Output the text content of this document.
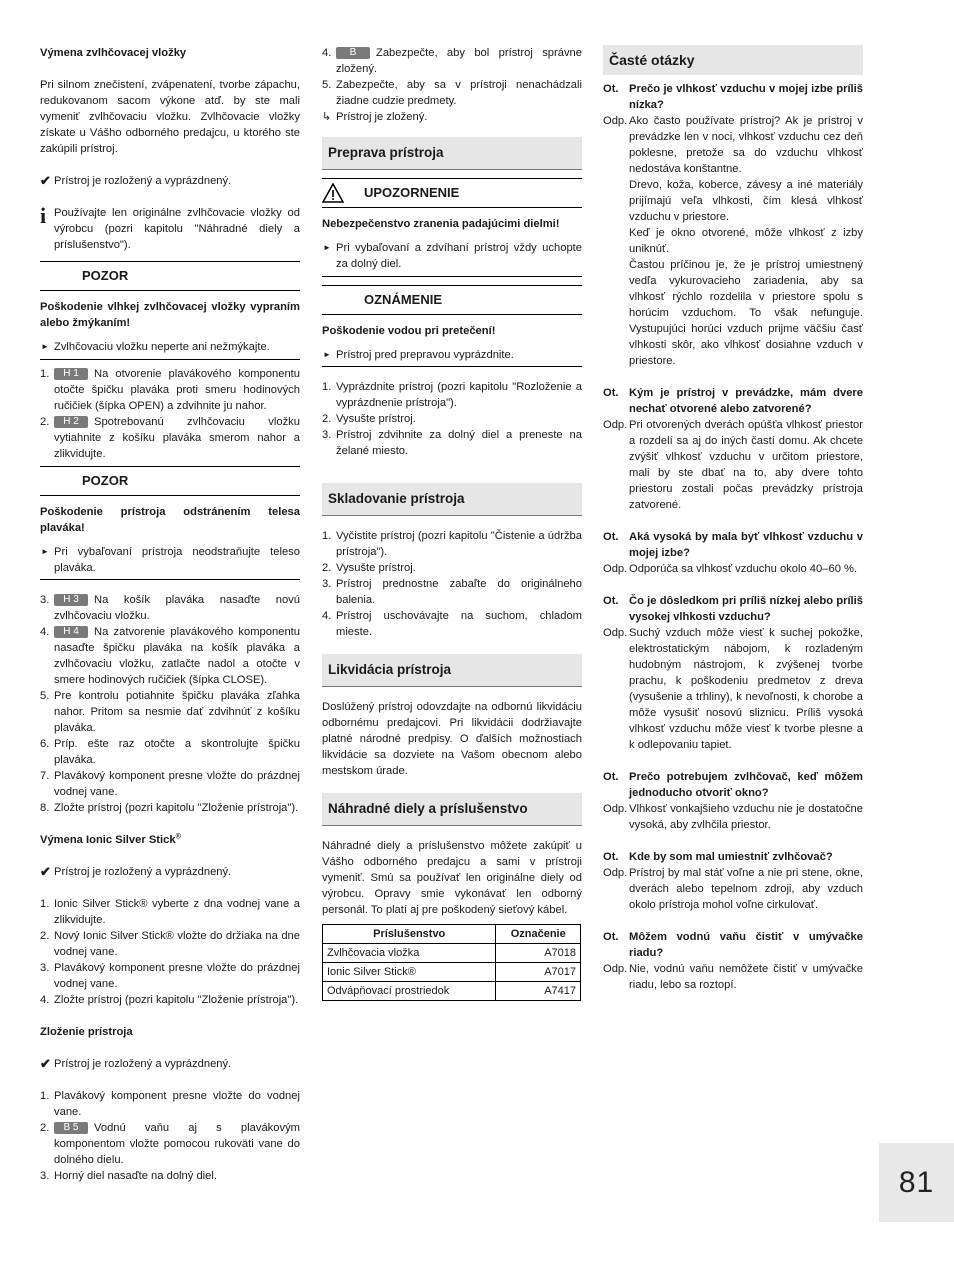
Výmena zvlhčovacej vložky

Pri silnom znečistení, zvápenatení, tvorbe zápachu, redukovanom sacom výkone atď. by ste mali vymeniť zvlhčovaciu vložku. Zvlhčovacie vložky získate u Vášho odborného predajcu, u ktorého ste zakúpili prístroj.

✔ Prístroj je rozložený a vyprázdnený.
i Používajte len originálne zvlhčovacie vložky od výrobcu (pozri kapitolu "Náhradné diely a príslušenstvo").

POZOR

Poškodenie vlhkej zvlhčovacej vložky vypraním alebo žmýkaním!

► Zvlhčovaciu vložku neperte ani nežmýkajte.
1. H 1 Na otvorenie plavákového komponentu otočte špičku plaváka proti smeru hodinových ručičiek (šípka OPEN) a zdvihnite ju nahor.
2. H 2 Spotrebovanú zvlhčovaciu vložku vytiahnite z košíku plaváka smerom nahor a zlikvidujte.
POZOR

Poškodenie prístroja odstránením telesa plaváka!

► Pri vybaľovaní prístroja neodstraňujte teleso plaváka.
3. H 3 Na košík plaváka nasaďte novú zvlhčovaciu vložku.
4. H 4 Na zatvorenie plavákového komponentu nasaďte špičku plaváka na košík plaváka a zvlhčovaciu vložku, zatlačte nadol a otočte v smere hodinových ručičiek (šípka CLOSE).
5. Pre kontrolu potiahnite špičku plaváka zľahka nahor. Pritom sa nesmie dať zdvihnúť z košíku plaváka.
6. Príp. ešte raz otočte a skontrolujte špičku plaváka.
7. Plavákový komponent presne vložte do prázdnej vodnej vane.
8. Zložte prístroj (pozri kapitolu "Zloženie prístroja").

Výmena Ionic Silver Stick®

✔ Prístroj je rozložený a vyprázdnený.
1. Ionic Silver Stick® vyberte z dna vodnej vane a zlikvidujte.
2. Nový Ionic Silver Stick® vložte do držiaka na dne vodnej vane.
3. Plavákový komponent presne vložte do prázdnej vodnej vane.
4. Zložte prístroj (pozri kapitolu "Zloženie prístroja").

Zloženie prístroja

✔ Prístroj je rozložený a vyprázdnený.
1. Plavákový komponent presne vložte do vodnej vane.
2. B 5 Vodnú vaňu aj s plavákovým komponentom vložte pomocou rukoväti vane do dolného dielu.
3. Horný diel nasaďte na dolný diel.
4. B Zabezpečte, aby bol prístroj správne zložený.
5. Zabezpečte, aby sa v prístroji nenachádzali žiadne cudzie predmety.
↳ Prístroj je zložený.
Preprava prístroja
UPOZORNENIE

Nebezpečenstvo zranenia padajúcimi dielmi!

► Pri vybaľovaní a zdvíhaní prístroj vždy uchopte za dolný diel.
OZNÁMENIE

Poškodenie vodou pri pretečení!

► Prístroj pred prepravou vyprázdnite.
1. Vyprázdnite prístroj (pozri kapitolu "Rozloženie a vyprázdnenie prístroja").
2. Vysušte prístroj.
3. Prístroj zdvihnite za dolný diel a preneste na želané miesto.
Skladovanie prístroja
1. Vyčistite prístroj (pozri kapitolu "Čistenie a údržba prístroja").
2. Vysušte prístroj.
3. Prístroj prednostne zabaľte do originálneho balenia.
4. Prístroj uschovávajte na suchom, chladom mieste.
Likvidácia prístroja

Doslúžený prístroj odovzdajte na odbornú likvidáciu odbornému predajcovi. Pri likvidácii dodržiavajte platné národné predpisy. O ďalších možnostiach likvidácie sa dozviete na Vašom obecnom alebo mestskom úrade.

Náhradné diely a príslušenstvo

Náhradné diely a príslušenstvo môžete zakúpiť u Vášho odborného predajcu a sami v prístroji vymeniť. Smú sa používať len originálne diely od výrobcu. Opravy smie vykonávať len odborný personál. To platí aj pre poškodený sieťový kábel.

Príslušenstvo	Označenie
Zvlhčovacia vložka	A7018
Ionic Silver Stick®	A7017
Odvápňovací prostriedok	A7417
Časté otázky
Ot. Prečo je vlhkosť vzduchu v mojej izbe príliš nízka?
Odp. Ako často používate prístroj? Ak je prístroj v prevádzke len v noci, vlhkosť vzduchu cez deň poklesne, pretože sa do vzduchu vlhkosť nedostáva konštantne.
Drevo, koža, koberce, závesy a iné materiály prijímajú veľa vlhkosti, čím klesá vlhkosť vzduchu v priestore.
Keď je okno otvorené, môže vlhkosť z izby uniknúť.
Častou príčinou je, že je prístroj umiestnený vedľa vykurovacieho zariadenia, aby sa vlhkosť rýchlo rozdelila v priestore spolu s horúcim vzduchom. To však nefunguje. Vystupujúci horúci vzduch prijme väčšiu časť vlhkosti skôr, ako vlhkosť dosiahne vzduch v priestore.
Ot. Kým je prístroj v prevádzke, mám dvere nechať otvorené alebo zatvorené?
Odp. Pri otvorených dverách opúšťa vlhkosť priestor a rozdelí sa aj do iných častí domu. Ak chcete zvýšiť vlhkosť vzduchu v určitom priestore, mali by ste dbať na to, aby dvere tohto priestoru zostali počas prevádzky prístroja zatvorené.
Ot. Aká vysoká by mala byť vlhkosť vzduchu v mojej izbe?
Odp. Odporúča sa vlhkosť vzduchu okolo 40–60 %.
Ot. Čo je dôsledkom pri príliš nízkej alebo príliš vysokej vlhkosti vzduchu?
Odp. Suchý vzduch môže viesť k suchej pokožke, elektrostatickým nábojom, k rozladeným hudobným nástrojom, k zvýšenej tvorbe prachu, k poškodeniu predmetov z dreva (vysušenie a trhliny), k nevoľnosti, k chorobe a môže vysušiť nosovú sliznicu. Príliš vysoká vlhkosť vzduchu môže viesť k tvorbe plesne a k odlepovaniu tapiet.
Ot. Prečo potrebujem zvlhčovač, keď môžem jednoducho otvoriť okno?
Odp. Vlhkosť vonkajšieho vzduchu nie je dostatočne vysoká, aby zvlhčila priestor.
Ot. Kde by som mal umiestniť zvlhčovač?
Odp. Prístroj by mal stáť voľne a nie pri stene, okne, dverách alebo tepelnom zdroji, aby vzduch okolo prístroja mohol voľne cirkulovať.
Ot. Môžem vodnú vaňu čistiť v umývačke riadu?
Odp. Nie, vodnú vaňu nemôžete čistiť v umývačke riadu, lebo sa roztopí.
81
